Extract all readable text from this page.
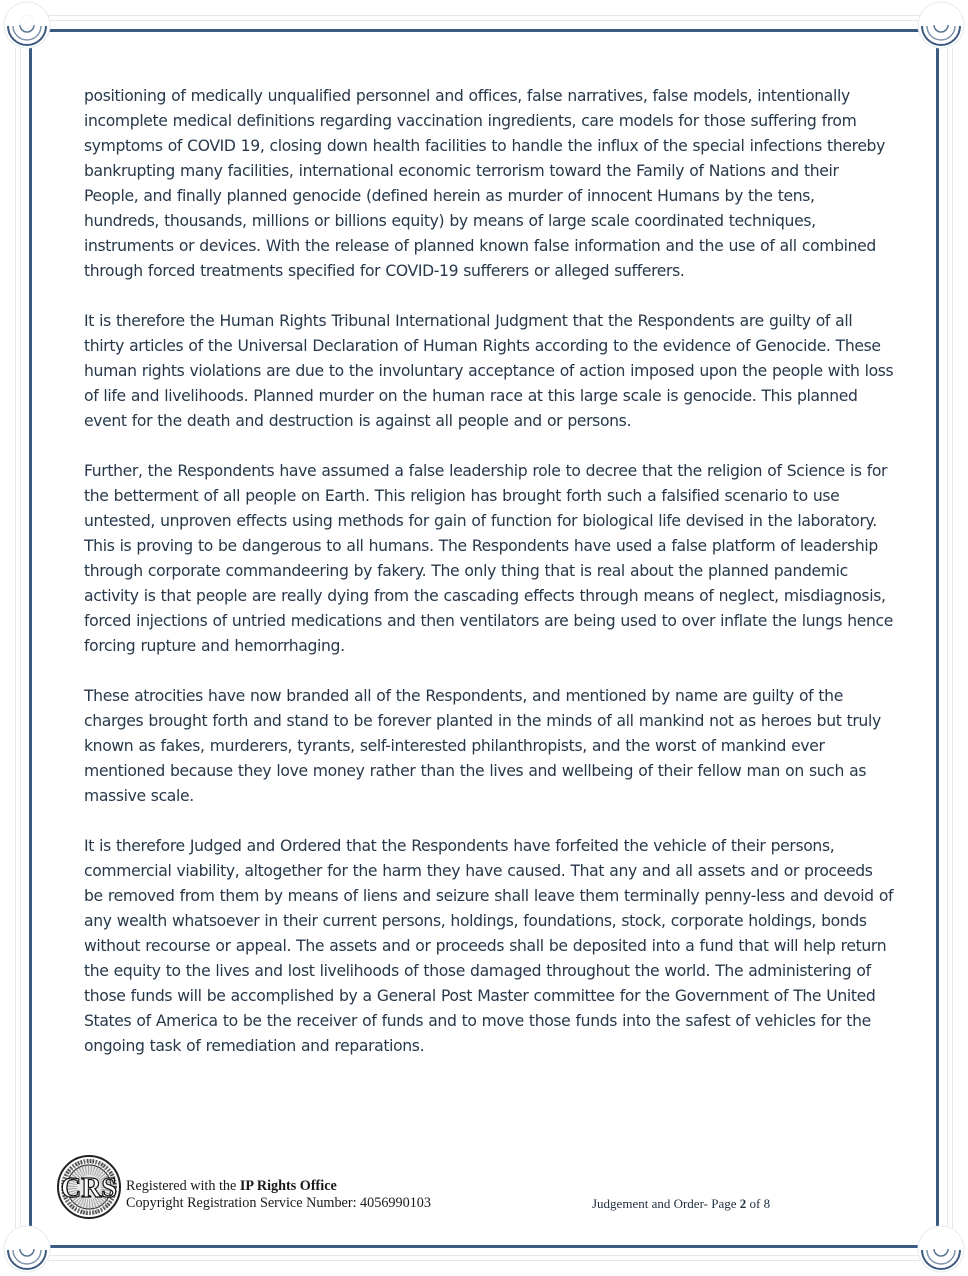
positioning of medically unqualified personnel and offices, false narratives, false models, intentionally incomplete medical definitions regarding vaccination ingredients, care models for those suffering from symptoms of COVID 19, closing down health facilities to handle the influx of the special infections thereby bankrupting many facilities, international economic terrorism toward the Family of Nations and their People, and finally planned genocide (defined herein as murder of innocent Humans by the tens, hundreds, thousands, millions or billions equity) by means of large scale coordinated techniques, instruments or devices. With the release of planned known false information and the use of all combined through forced treatments specified for COVID-19 sufferers or alleged sufferers.

It is therefore the Human Rights Tribunal International Judgment that the Respondents are guilty of all thirty articles of the Universal Declaration of Human Rights according to the evidence of Genocide. These human rights violations are due to the involuntary acceptance of action imposed upon the people with loss of life and livelihoods. Planned murder on the human race at this large scale is genocide. This planned event for the death and destruction is against all people and or persons.

Further, the Respondents have assumed a false leadership role to decree that the religion of Science is for the betterment of all people on Earth. This religion has brought forth such a falsified scenario to use untested, unproven effects using methods for gain of function for biological life devised in the laboratory. This is proving to be dangerous to all humans. The Respondents have used a false platform of leadership through corporate commandeering by fakery. The only thing that is real about the planned pandemic activity is that people are really dying from the cascading effects through means of neglect, misdiagnosis, forced injections of untried medications and then ventilators are being used to over inflate the lungs hence forcing rupture and hemorrhaging.

These atrocities have now branded all of the Respondents, and mentioned by name are guilty of the charges brought forth and stand to be forever planted in the minds of all mankind not as heroes but truly known as fakes, murderers, tyrants, self-interested philanthropists, and the worst of mankind ever mentioned because they love money rather than the lives and wellbeing of their fellow man on such as massive scale.

It is therefore Judged and Ordered that the Respondents have forfeited the vehicle of their persons, commercial viability, altogether for the harm they have caused. That any and all assets and or proceeds be removed from them by means of liens and seizure shall leave them terminally penny-less and devoid of any wealth whatsoever in their current persons, holdings, foundations, stock, corporate holdings, bonds without recourse or appeal. The assets and or proceeds shall be deposited into a fund that will help return the equity to the lives and lost livelihoods of those damaged throughout the world. The administering of those funds will be accomplished by a General Post Master committee for the Government of The United States of America to be the receiver of funds and to move those funds into the safest of vehicles for the ongoing task of remediation and reparations.

CRS Registered with the IP Rights Office
Copyright Registration Service Number: 4056990103	Judgement and Order- Page 2 of 8
